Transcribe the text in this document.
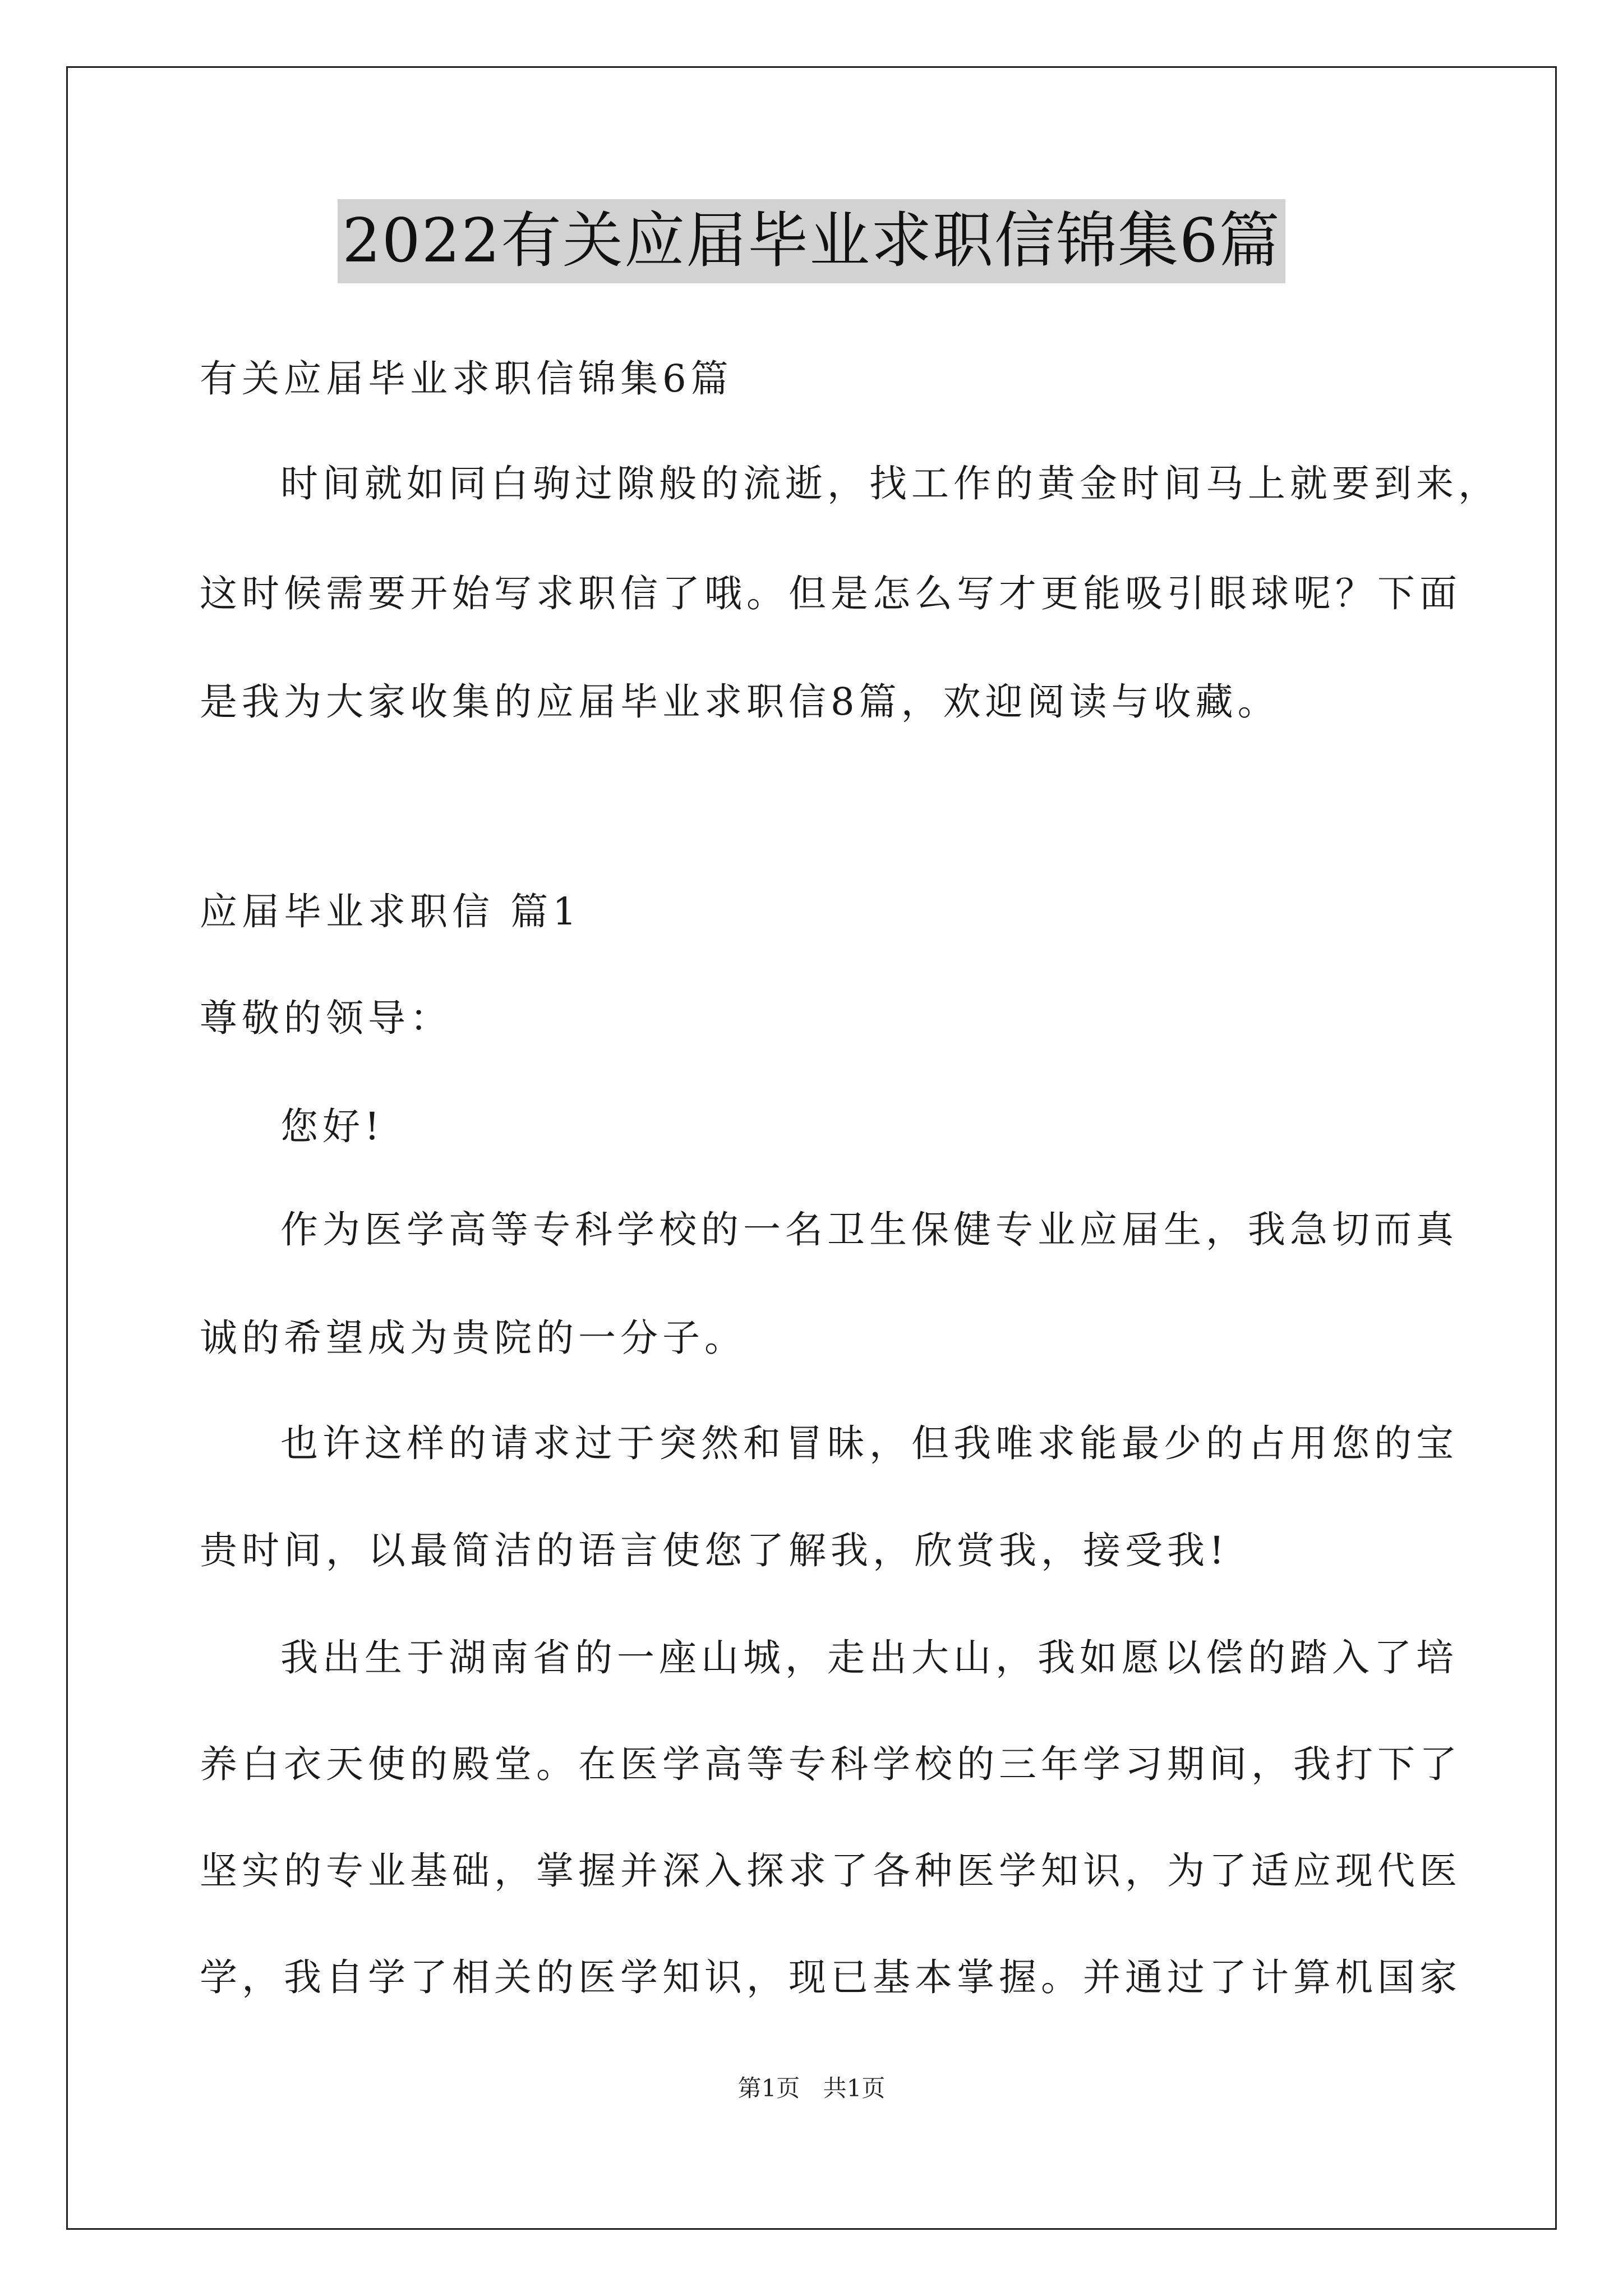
2022有关应届毕业求职信锦集6篇
有关应届毕业求职信锦集6篇
时间就如同白驹过隙般的流逝，找工作的黄金时间马上就要到来，
这时候需要开始写求职信了哦。但是怎么写才更能吸引眼球呢？下面
是我为大家收集的应届毕业求职信8篇，欢迎阅读与收藏。
应届毕业求职信 篇1
尊敬的领导：
您好!
作为医学高等专科学校的一名卫生保健专业应届生，我急切而真
诚的希望成为贵院的一分子。
也许这样的请求过于突然和冒昧，但我唯求能最少的占用您的宝
贵时间，以最简洁的语言使您了解我，欣赏我，接受我!
我出生于湖南省的一座山城，走出大山，我如愿以偿的踏入了培
养白衣天使的殿堂。在医学高等专科学校的三年学习期间，我打下了
坚实的专业基础，掌握并深入探求了各种医学知识，为了适应现代医
学，我自学了相关的医学知识，现已基本掌握。并通过了计算机国家
第1页 共1页
